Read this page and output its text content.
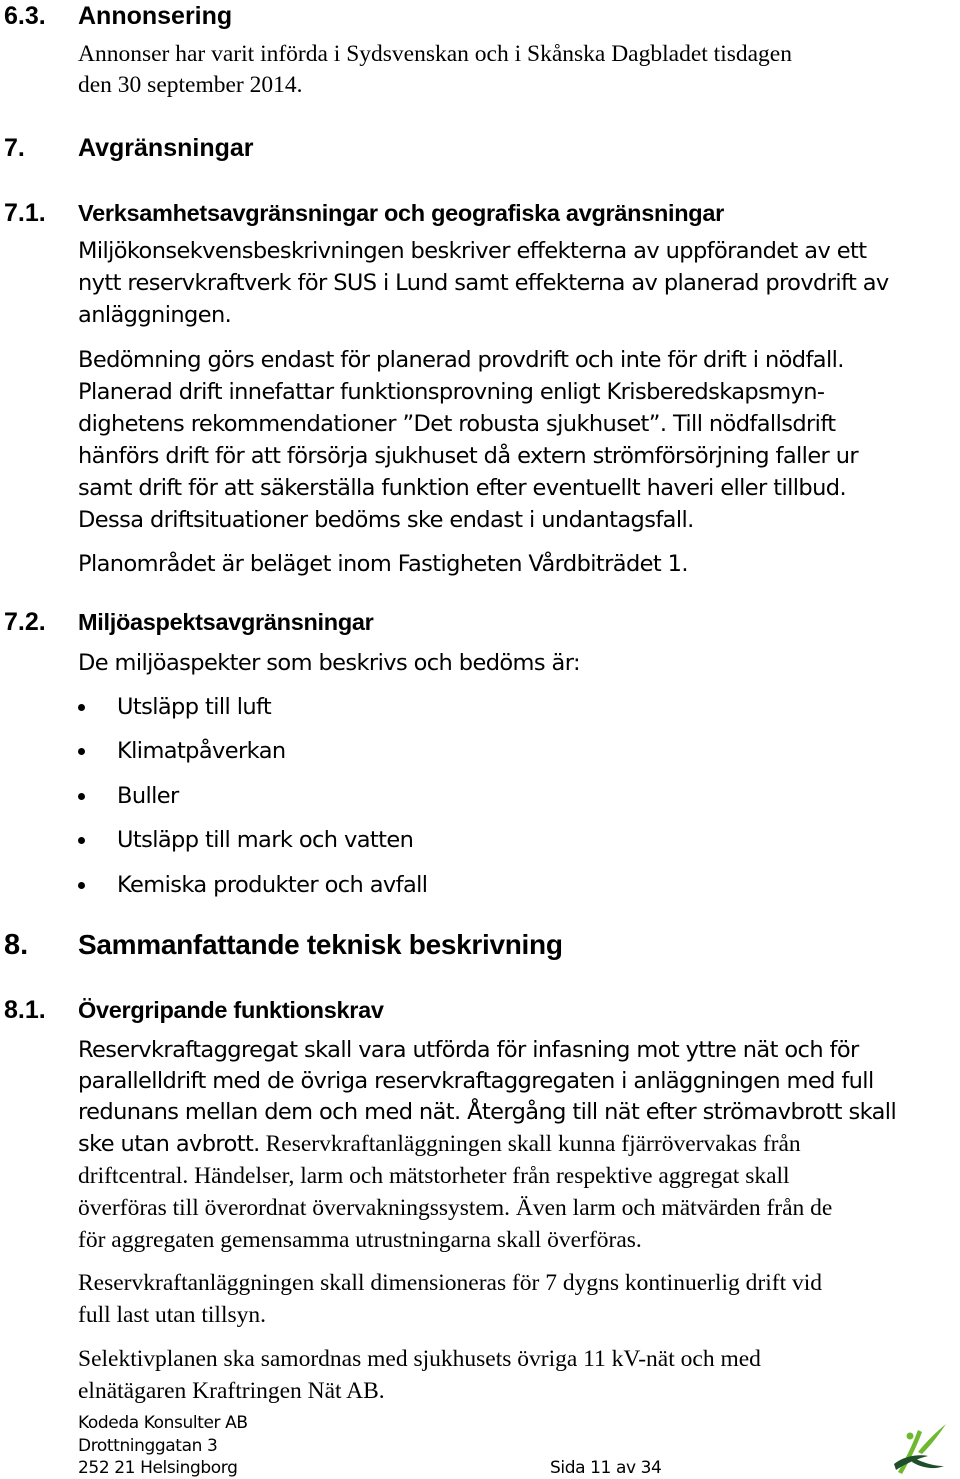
6.3. Annonsering
Annonser har varit införda i Sydsvenskan och i Skånska Dagbladet tisdagen
den 30 september 2014.
7. Avgränsningar
7.1. Verksamhetsavgränsningar och geografiska avgränsningar
Miljökonsekvensbeskrivningen beskriver effekterna av uppförandet av ett
nytt reservkraftverk för SUS i Lund samt effekterna av planerad provdrift av
anläggningen.
Bedömning görs endast för planerad provdrift och inte för drift i nödfall.
Planerad drift innefattar funktionsprovning enligt Krisberedskapsmyn-
dighetens rekommendationer ”Det robusta sjukhuset”. Till nödfallsdrift
hänförs drift för att försörja sjukhuset då extern strömförsörjning faller ur
samt drift för att säkerställa funktion efter eventuellt haveri eller tillbud.
Dessa driftsituationer bedöms ske endast i undantagsfall.
Planområdet är beläget inom Fastigheten Vårdbiträdet 1.
7.2. Miljöaspektsavgränsningar
De miljöaspekter som beskrivs och bedöms är:
Utsläpp till luft
Klimatpåverkan
Buller
Utsläpp till mark och vatten
Kemiska produkter och avfall
8. Sammanfattande teknisk beskrivning
8.1. Övergripande funktionskrav
Reservkraftaggregat skall vara utförda för infasning mot yttre nät och för
parallelldrift med de övriga reservkraftaggregaten i anläggningen med full
redunans mellan dem och med nät. Återgång till nät efter strömavbrott skall
ske utan avbrott. Reservkraftanläggningen skall kunna fjärrövervakas från
driftcentral. Händelser, larm och mätstorheter från respektive aggregat skall
överföras till överordnat övervakningssystem. Även larm och mätvärden från de
för aggregaten gemensamma utrustningarna skall överföras.
Reservkraftanläggningen skall dimensioneras för 7 dygns kontinuerlig drift vid
full last utan tillsyn.
Selektivplanen ska samordnas med sjukhusets övriga 11 kV-nät och med
elnätägaren Kraftringen Nät AB.
Kodeda Konsulter AB
Drottninggatan 3
252 21 Helsingborg	Sida 11 av 34
